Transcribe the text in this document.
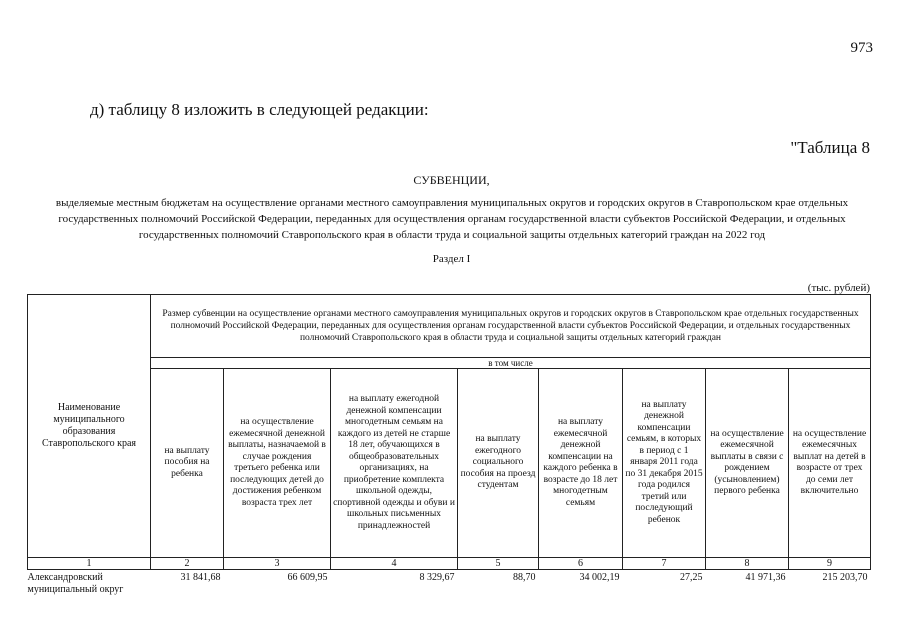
973
д) таблицу 8 изложить в следующей редакции:
"Таблица 8
СУБВЕНЦИИ,
выделяемые местным бюджетам на осуществление органами местного самоуправления муниципальных округов и городских округов в Ставропольском крае отдельных государственных полномочий Российской Федерации, переданных для осуществления органам государственной власти субъектов Российской Федерации, и отдельных государственных полномочий Ставропольского края в области труда и социальной защиты отдельных категорий граждан на 2022 год
Раздел I
(тыс. рублей)
Наименование муниципального образования Ставропольского края	Размер субвенции на осуществление органами местного самоуправления муниципальных округов и городских округов в Ставропольском крае отдельных государственных полномочий Российской Федерации, переданных для осуществления органам государственной власти субъектов Российской Федерации, и отдельных государственных полномочий Ставропольского края в области труда и социальной защиты отдельных категорий граждан							
	в том числе							
	на выплату пособия на ребенка	на осуществление ежемесячной денежной выплаты, назначаемой в случае рождения третьего ребенка или последующих детей до достижения ребенком возраста трех лет	на выплату ежегодной денежной компенсации многодетным семьям на каждого из детей не старше 18 лет, обучающихся в общеобразовательных организациях, на приобретение комплекта школьной одежды, спортивной одежды и обуви и школьных письменных принадлежностей	на выплату ежегодного социального пособия на проезд студентам	на выплату ежемесячной денежной компенсации на каждого ребенка в возрасте до 18 лет многодетным семьям	на выплату денежной компенсации семьям, в которых в период с 1 января 2011 года по 31 декабря 2015 года родился третий или последующий ребенок	на осуществление ежемесячной выплаты в связи с рождением (усыновлением) первого ребенка	на осуществление ежемесячных выплат на детей в возрасте от трех до семи лет включительно
1	2	3	4	5	6	7	8	9
Александровский муниципальный округ	31 841,68	66 609,95	8 329,67	88,70	34 002,19	27,25	41 971,36	215 203,70
